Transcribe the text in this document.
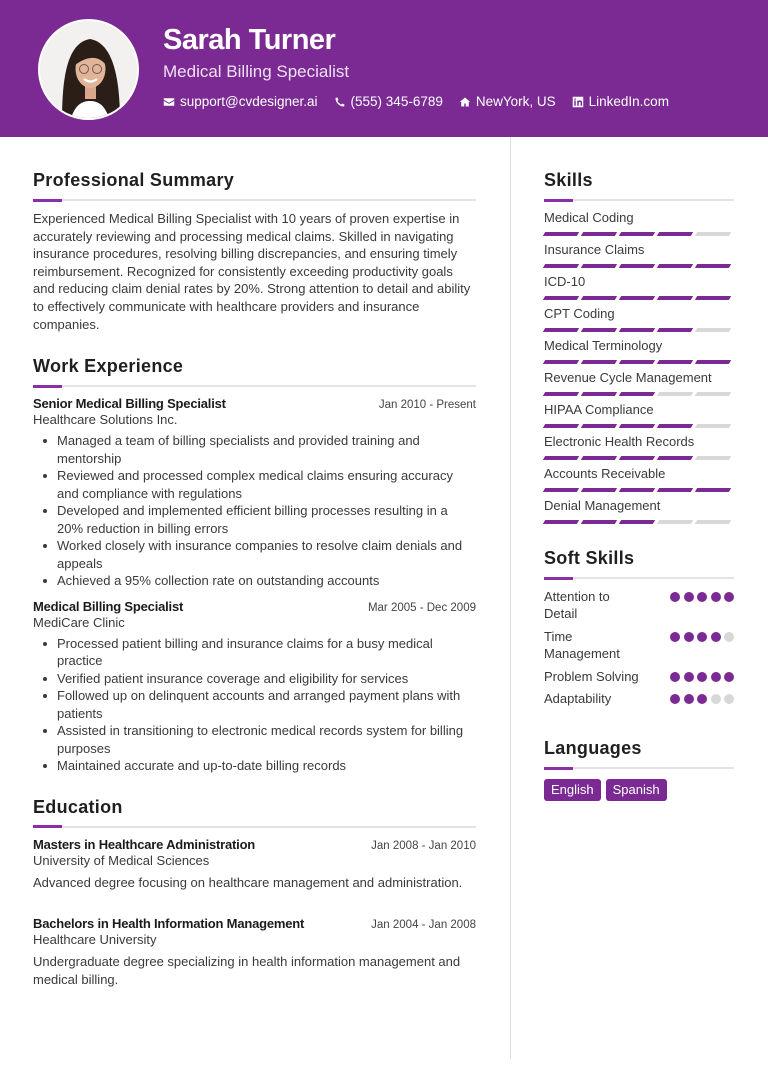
Sarah Turner
Medical Billing Specialist
support@cvdesigner.ai (555) 345-6789 NewYork, US LinkedIn.com
Professional Summary
Experienced Medical Billing Specialist with 10 years of proven expertise in accurately reviewing and processing medical claims. Skilled in navigating insurance procedures, resolving billing discrepancies, and ensuring timely reimbursement. Recognized for consistently exceeding productivity goals and reducing claim denial rates by 20%. Strong attention to detail and ability to effectively communicate with healthcare providers and insurance companies.
Work Experience
Senior Medical Billing Specialist	Jan 2010 - Present
Healthcare Solutions Inc.
Managed a team of billing specialists and provided training and mentorship
Reviewed and processed complex medical claims ensuring accuracy and compliance with regulations
Developed and implemented efficient billing processes resulting in a 20% reduction in billing errors
Worked closely with insurance companies to resolve claim denials and appeals
Achieved a 95% collection rate on outstanding accounts
Medical Billing Specialist	Mar 2005 - Dec 2009
MediCare Clinic
Processed patient billing and insurance claims for a busy medical practice
Verified patient insurance coverage and eligibility for services
Followed up on delinquent accounts and arranged payment plans with patients
Assisted in transitioning to electronic medical records system for billing purposes
Maintained accurate and up-to-date billing records
Education
Masters in Healthcare Administration	Jan 2008 - Jan 2010
University of Medical Sciences
Advanced degree focusing on healthcare management and administration.
Bachelors in Health Information Management	Jan 2004 - Jan 2008
Healthcare University
Undergraduate degree specializing in health information management and medical billing.
Skills
Medical Coding
Insurance Claims
ICD-10
CPT Coding
Medical Terminology
Revenue Cycle Management
HIPAA Compliance
Electronic Health Records
Accounts Receivable
Denial Management
Soft Skills
Attention to Detail
Time Management
Problem Solving
Adaptability
Languages
English	Spanish
